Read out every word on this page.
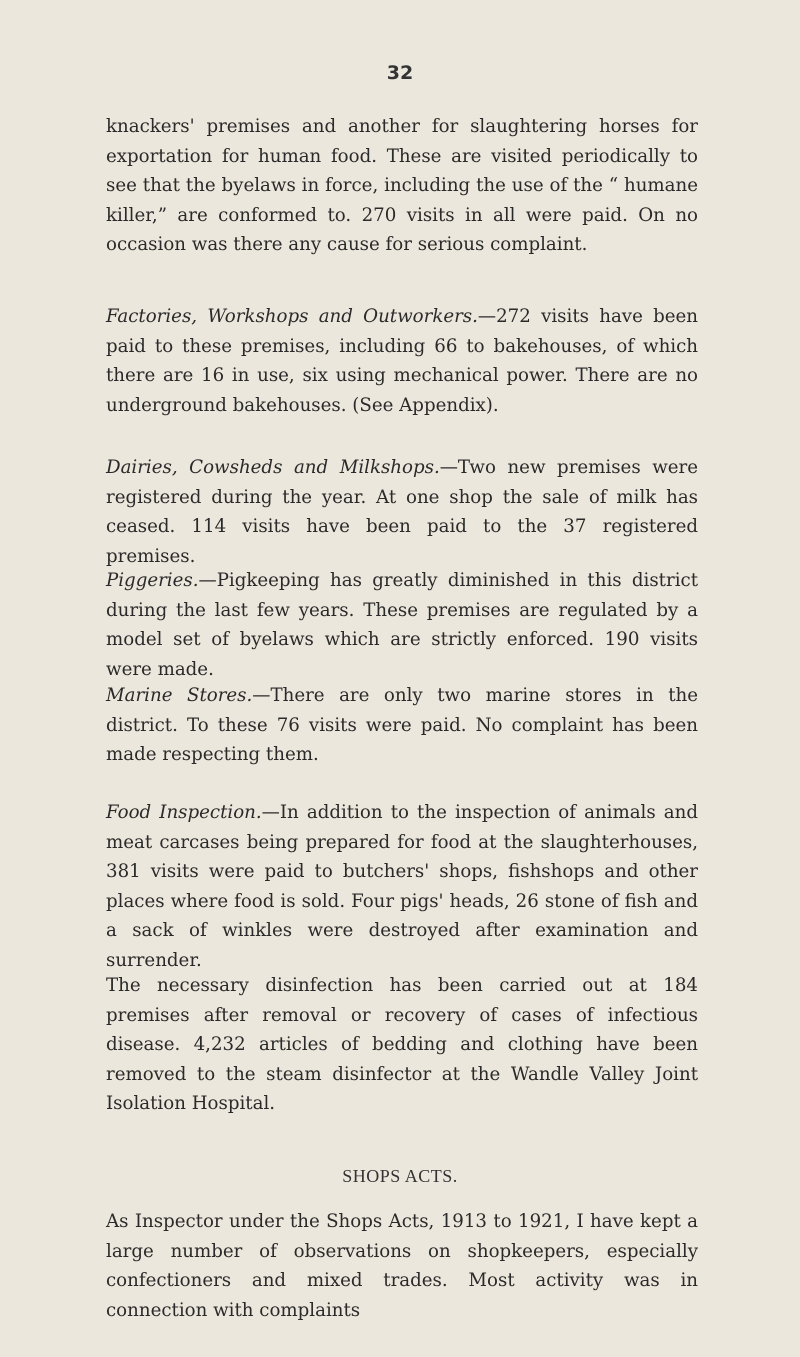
32

knackers' premises and another for slaughtering horses for exportation for human food. These are visited periodically to see that the byelaws in force, including the use of the “ humane killer,” are conformed to. 270 visits in all were paid. On no occasion was there any cause for serious complaint.

Factories, Workshops and Outworkers.—272 visits have been paid to these premises, including 66 to bakehouses, of which there are 16 in use, six using mechanical power. There are no underground bakehouses. (See Appendix).

Dairies, Cowsheds and Milkshops.—Two new premises were registered during the year. At one shop the sale of milk has ceased. 114 visits have been paid to the 37 registered premises.

Piggeries.—Pigkeeping has greatly diminished in this district during the last few years. These premises are regulated by a model set of byelaws which are strictly enforced. 190 visits were made.

Marine Stores.—There are only two marine stores in the district. To these 76 visits were paid. No complaint has been made respecting them.

Food Inspection.—In addition to the inspection of animals and meat carcases being prepared for food at the slaughterhouses, 381 visits were paid to butchers' shops, fishshops and other places where food is sold. Four pigs' heads, 26 stone of fish and a sack of winkles were destroyed after examination and surrender.

The necessary disinfection has been carried out at 184 premises after removal or recovery of cases of infectious disease. 4,232 articles of bedding and clothing have been removed to the steam disinfector at the Wandle Valley Joint Isolation Hospital.

SHOPS ACTS.

As Inspector under the Shops Acts, 1913 to 1921, I have kept a large number of observations on shopkeepers, especially confectioners and mixed trades. Most activity was in connection with complaints
